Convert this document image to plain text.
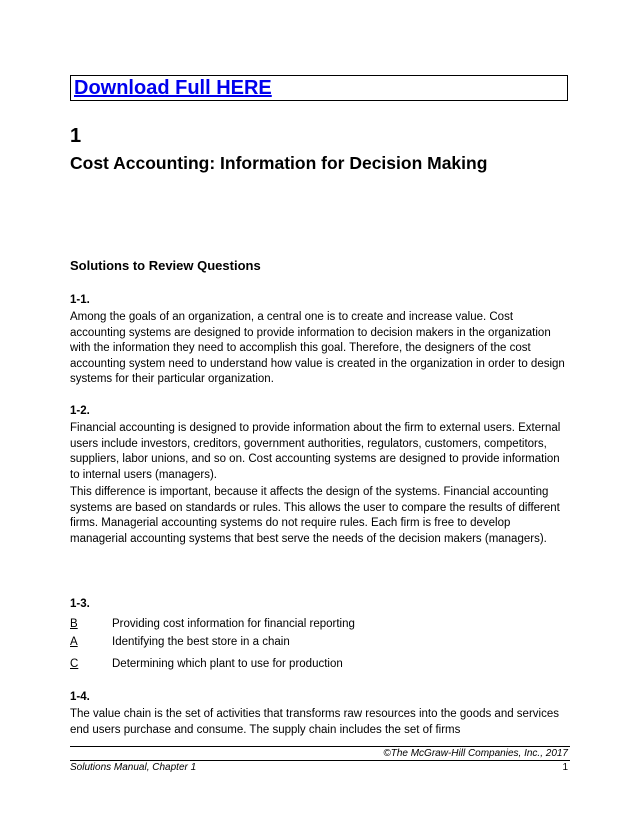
Download Full HERE
1
Cost Accounting: Information for Decision Making
Solutions to Review Questions
1-1.
Among the goals of an organization, a central one is to create and increase value. Cost accounting systems are designed to provide information to decision makers in the organization with the information they need to accomplish this goal. Therefore, the designers of the cost accounting system need to understand how value is created in the organization in order to design systems for their particular organization.
1-2.
Financial accounting is designed to provide information about the firm to external users. External users include investors, creditors, government authorities, regulators, customers, competitors, suppliers, labor unions, and so on. Cost accounting systems are designed to provide information to internal users (managers).
This difference is important, because it affects the design of the systems. Financial accounting systems are based on standards or rules. This allows the user to compare the results of different firms. Managerial accounting systems do not require rules. Each firm is free to develop managerial accounting systems that best serve the needs of the decision makers (managers).
1-3.
B	Providing cost information for financial reporting
A	Identifying the best store in a chain
C	Determining which plant to use for production
1-4.
The value chain is the set of activities that transforms raw resources into the goods and services end users purchase and consume. The supply chain includes the set of firms
©The McGraw-Hill Companies, Inc., 2017
Solutions Manual, Chapter 1	1
